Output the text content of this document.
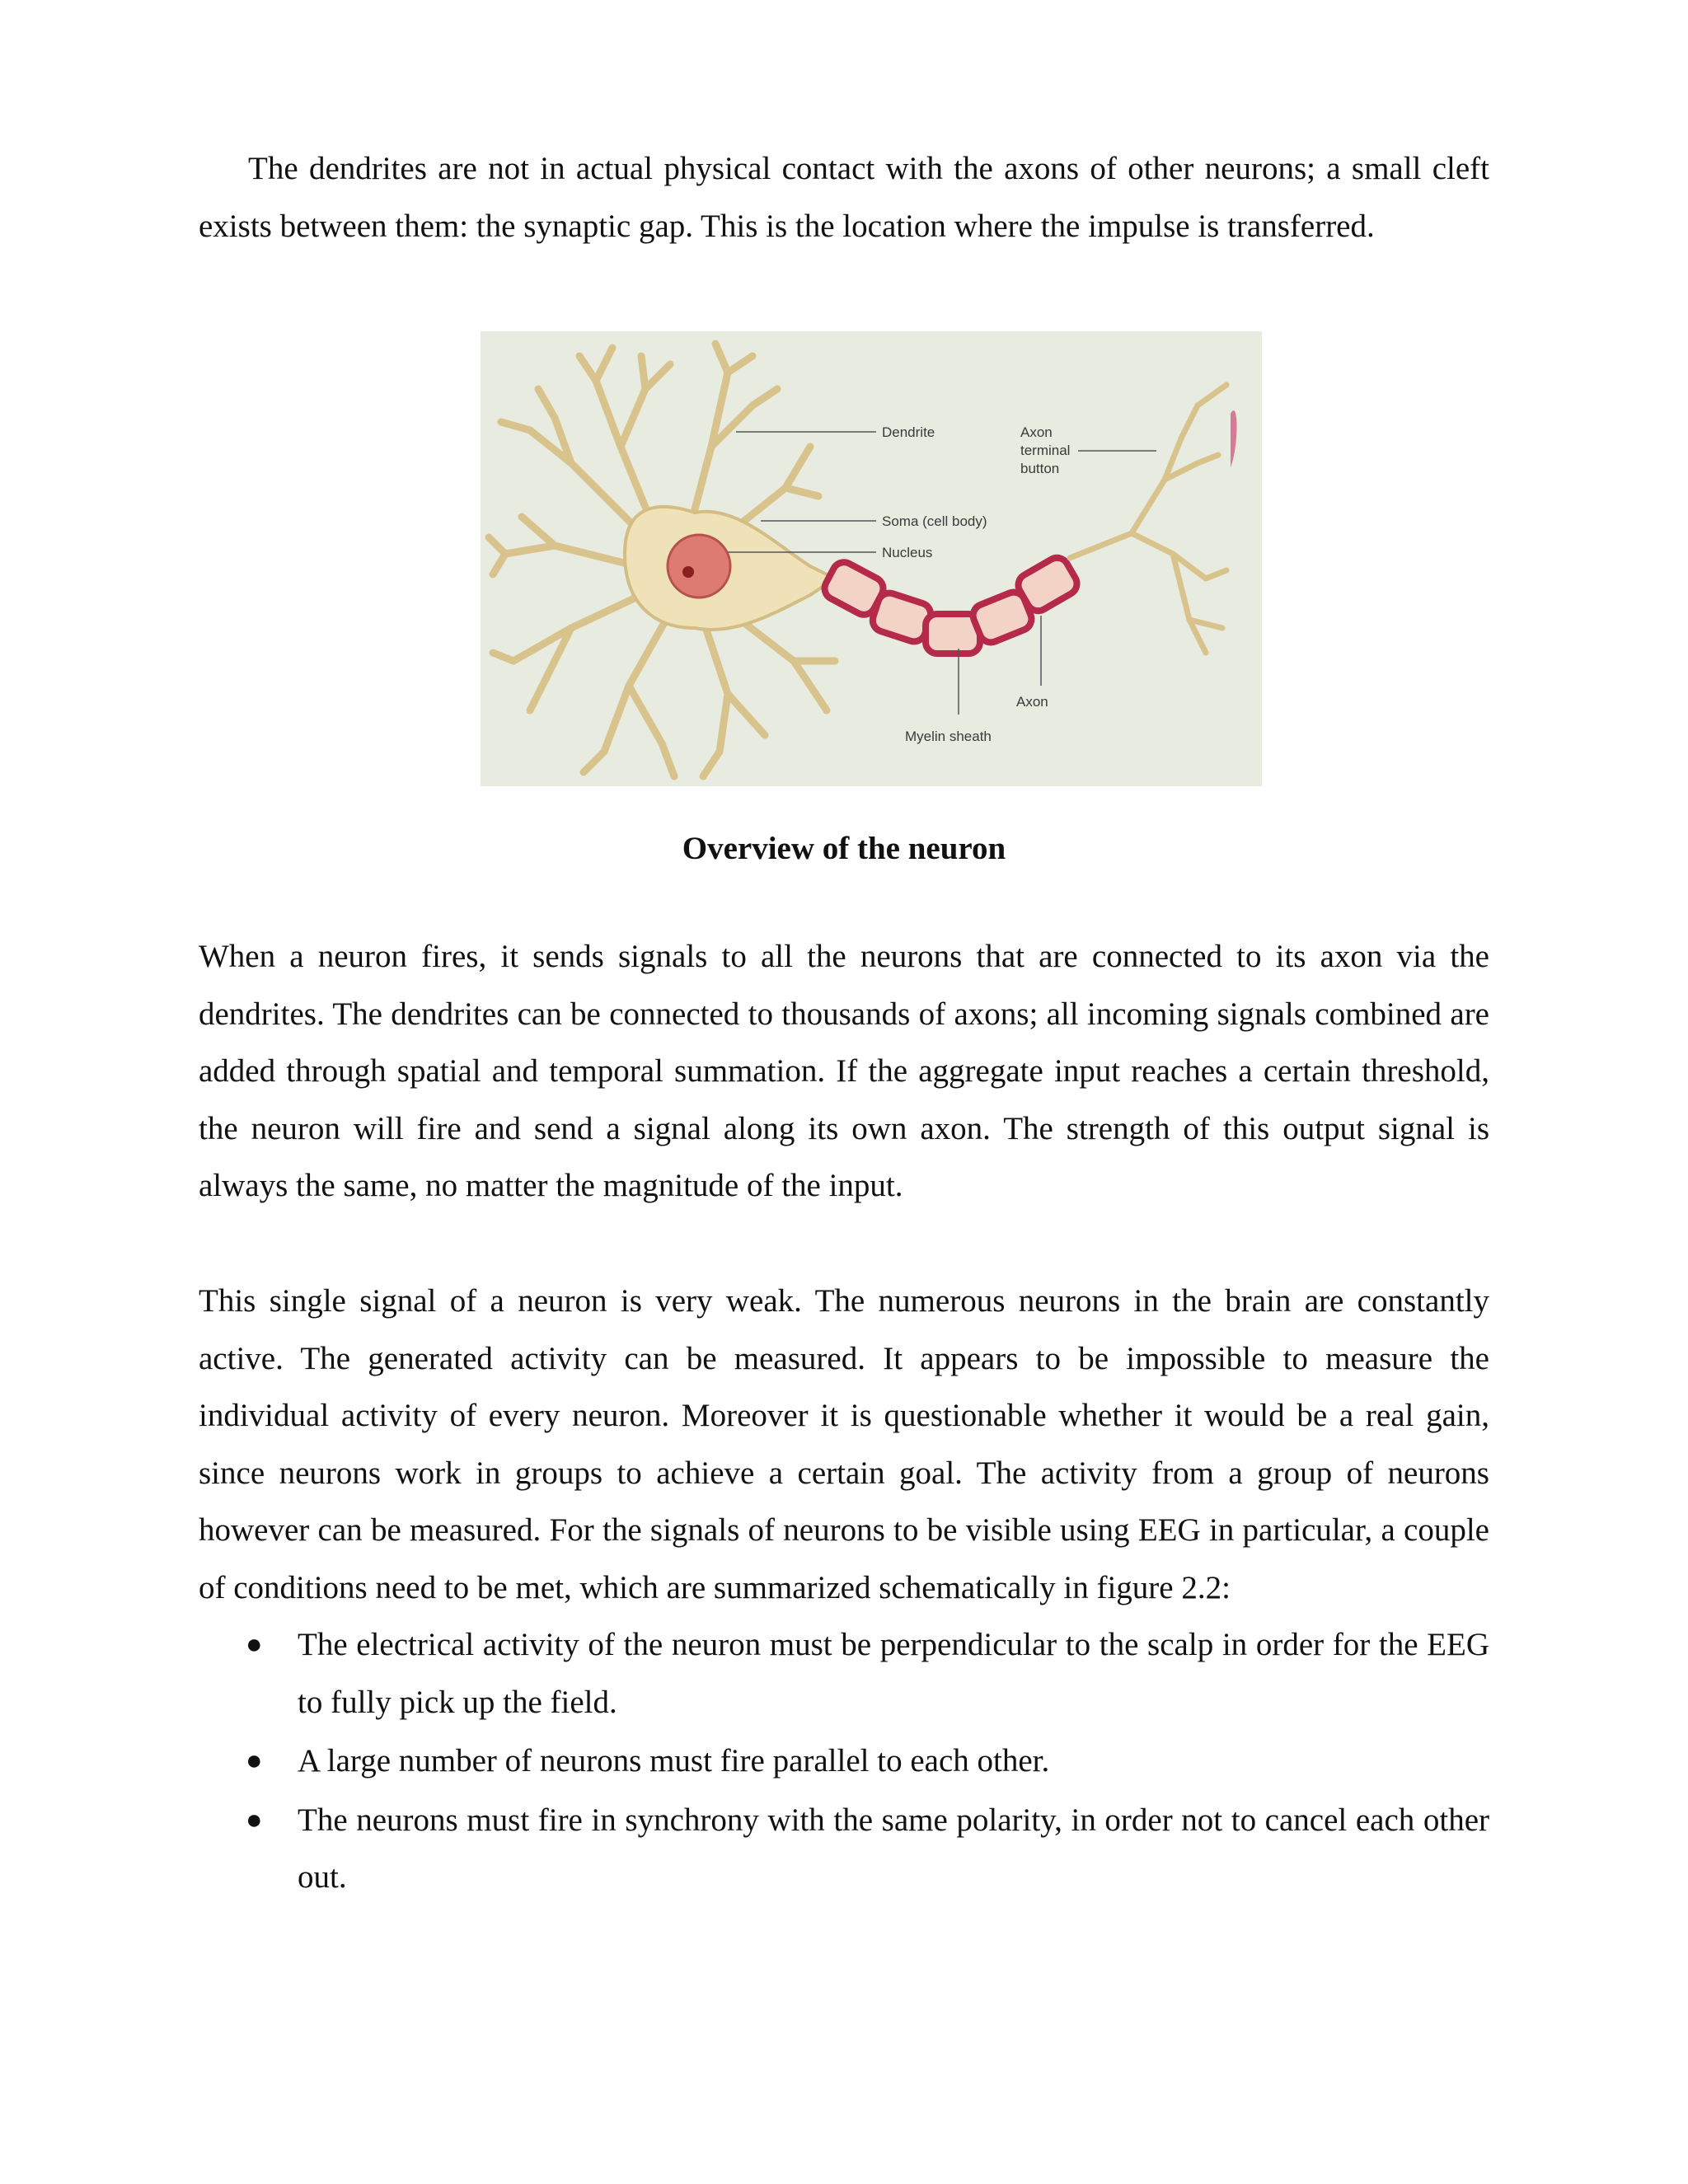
The dendrites are not in actual physical contact with the axons of other neurons; a small cleft exists between them: the synaptic gap. This is the location where the impulse is transferred.

Dendrite	Axon
terminal
button
Soma (cell body)
Nucleus
Axon
Myelin sheath

Overview of the neuron

When a neuron fires, it sends signals to all the neurons that are connected to its axon via the dendrites. The dendrites can be connected to thousands of axons; all incoming signals combined are added through spatial and temporal summation. If the aggregate input reaches a certain threshold, the neuron will fire and send a signal along its own axon. The strength of this output signal is always the same, no matter the magnitude of the input.

This single signal of a neuron is very weak. The numerous neurons in the brain are constantly active. The generated activity can be measured. It appears to be impossible to measure the individual activity of every neuron. Moreover it is questionable whether it would be a real gain, since neurons work in groups to achieve a certain goal. The activity from a group of neurons however can be measured. For the signals of neurons to be visible using EEG in particular, a couple of conditions need to be met, which are summarized schematically in figure 2.2:

● The electrical activity of the neuron must be perpendicular to the scalp in order for the EEG to fully pick up the field.
● A large number of neurons must fire parallel to each other.
● The neurons must fire in synchrony with the same polarity, in order not to cancel each other out.
